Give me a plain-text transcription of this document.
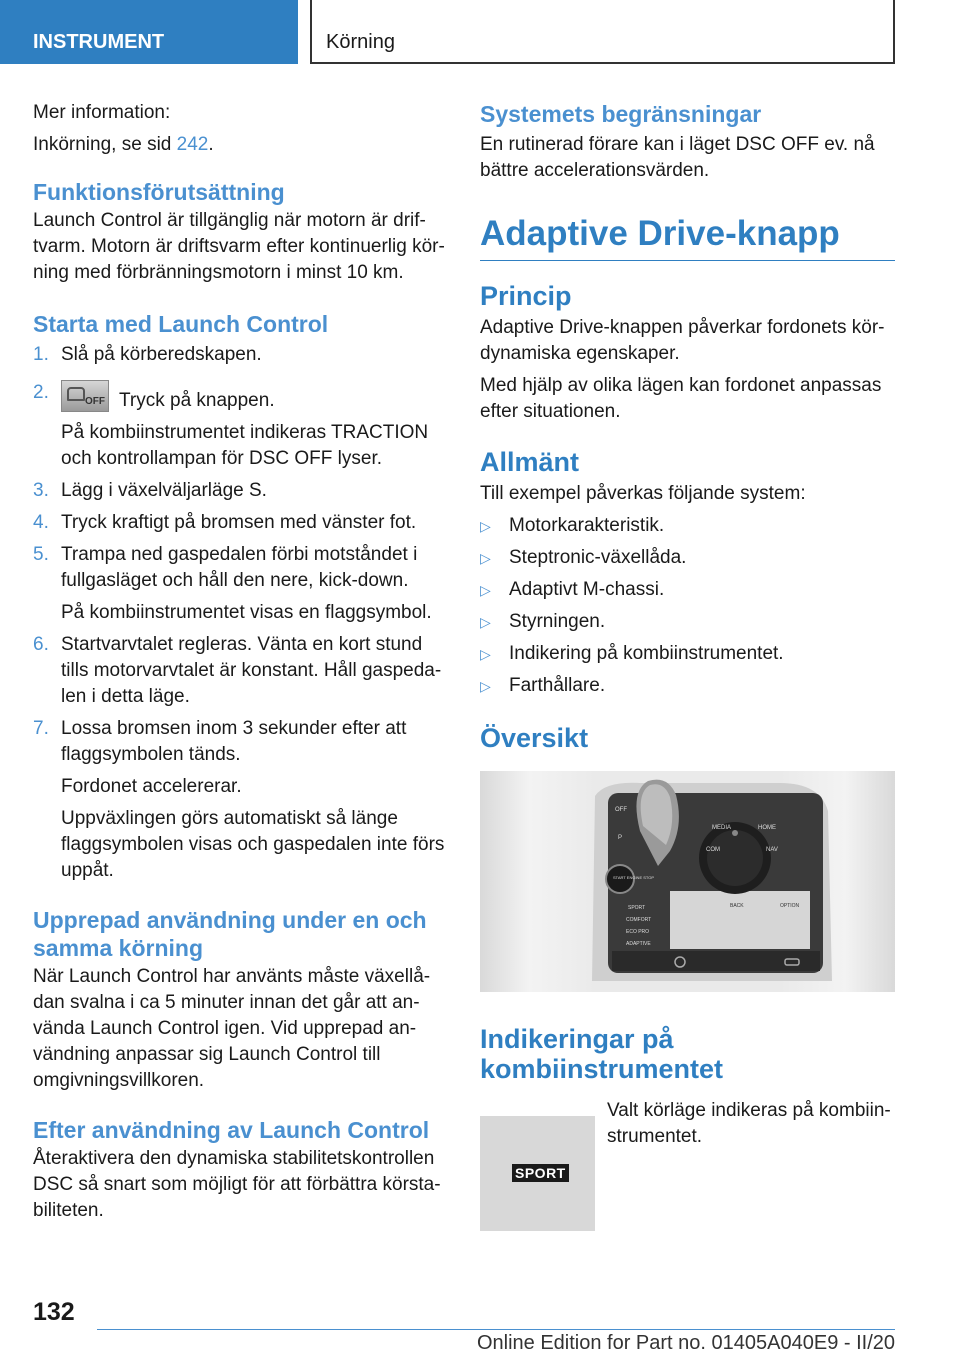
INSTRUMENT	Körning

Mer information:

Inkörning, se sid 242.

Funktionsförutsättning

Launch Control är tillgänglig när motorn är driftvarm. Motorn är driftsvarm efter kontinuerlig körning med förbränningsmotorn i minst 10 km.

Starta med Launch Control
1. Slå på körberedskapen.
2.	OFF Tryck på knappen.
På kombiinstrumentet indikeras TRACTION och kontrollampan för DSC OFF lyser.
3. Lägg i växelväljarläge S.
4. Tryck kraftigt på bromsen med vänster fot.
5. Trampa ned gaspedalen förbi motståndet i fullgasläget och håll den nere, kick-down.
På kombiinstrumentet visas en flaggsymbol.
6. Startvarvtalet regleras. Vänta en kort stund tills motorvarvtalet är konstant. Håll gaspedalen i detta läge.
7. Lossa bromsen inom 3 sekunder efter att flaggsymbolen tänds.
Fordonet accelererar.
Uppväxlingen görs automatiskt så länge flaggsymbolen visas och gaspedalen inte förs uppåt.
Upprepad användning under en och samma körning

När Launch Control har använts måste växellådan svalna i ca 5 minuter innan det går att använda Launch Control igen. Vid upprepad användning anpassar sig Launch Control till omgivningsvillkoren.

Efter användning av Launch Control

Återaktivera den dynamiska stabilitetskontrollen DSC så snart som möjligt för att förbättra körstabiliteten.

Systemets begränsningar

En rutinerad förare kan i läget DSC OFF ev. nå bättre accelerationsvärden.

Adaptive Drive-knapp
Princip

Adaptive Drive-knappen påverkar fordonets kördynamiska egenskaper.

Med hjälp av olika lägen kan fordonet anpassas efter situationen.

Allmänt

Till exempel påverkas följande system:

▷ Motorkarakteristik.
▷ Steptronic-växellåda.
▷ Adaptivt M-chassi.
▷ Styrningen.
▷ Indikering på kombiinstrumentet.
▷ Farthållare.
Översikt
OFF
MEDIA	HOME
COM	NAV
P
START ENGINE STOP
SPORT
COMFORT
ECO PRO
ADAPTIVE
BACK	OPTION
Indikeringar på kombiinstrumentet

Valt körläge indikeras på kombiinstrumentet.

SPORT
132
Online Edition for Part no. 01405A040E9 - II/20
